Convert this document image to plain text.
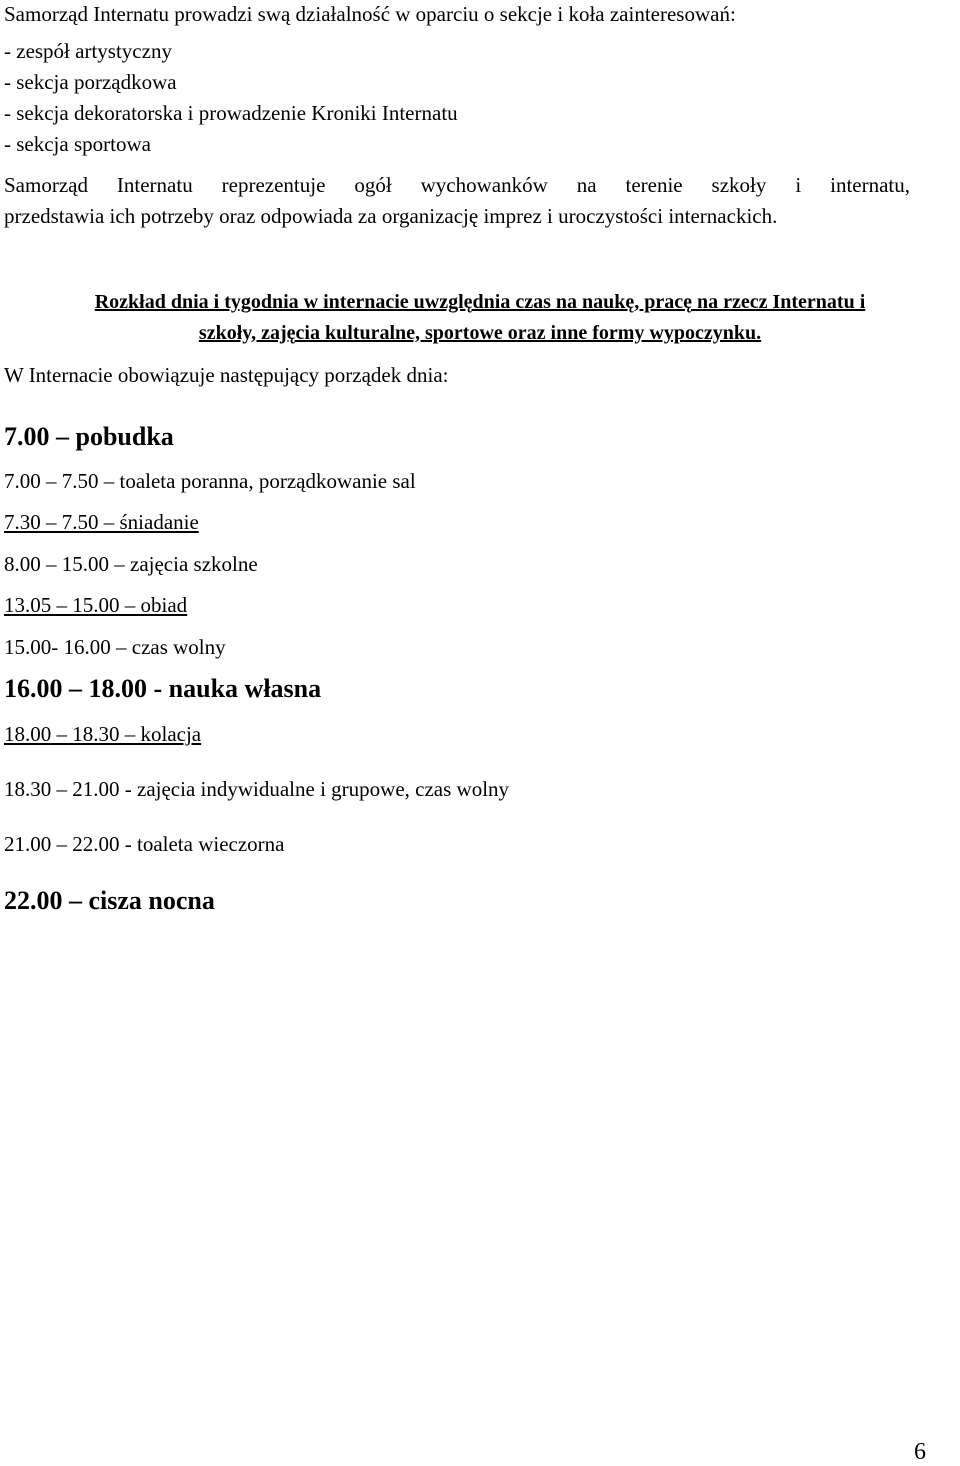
Samorząd Internatu prowadzi swą działalność w oparciu o sekcje i koła zainteresowań:
- zespół artystyczny
- sekcja porządkowa
- sekcja dekoratorska i prowadzenie Kroniki Internatu
- sekcja sportowa
Samorząd Internatu reprezentuje ogół wychowanków na terenie szkoły i internatu,
przedstawia ich potrzeby oraz odpowiada za organizację imprez i uroczystości internackich.
Rozkład dnia i tygodnia w internacie uwzględnia czas na naukę, pracę na rzecz Internatu i
szkoły, zajęcia kulturalne, sportowe oraz inne formy wypoczynku.
W Internacie obowiązuje następujący porządek dnia:
7.00 – pobudka
7.00 – 7.50 – toaleta poranna, porządkowanie sal
7.30 – 7.50 – śniadanie
8.00 – 15.00 – zajęcia szkolne
13.05 – 15.00 – obiad
15.00- 16.00 – czas wolny
16.00 – 18.00 - nauka własna
18.00 – 18.30 – kolacja
18.30 – 21.00 - zajęcia indywidualne i grupowe, czas wolny
21.00 – 22.00 - toaleta wieczorna
22.00 – cisza nocna
6
